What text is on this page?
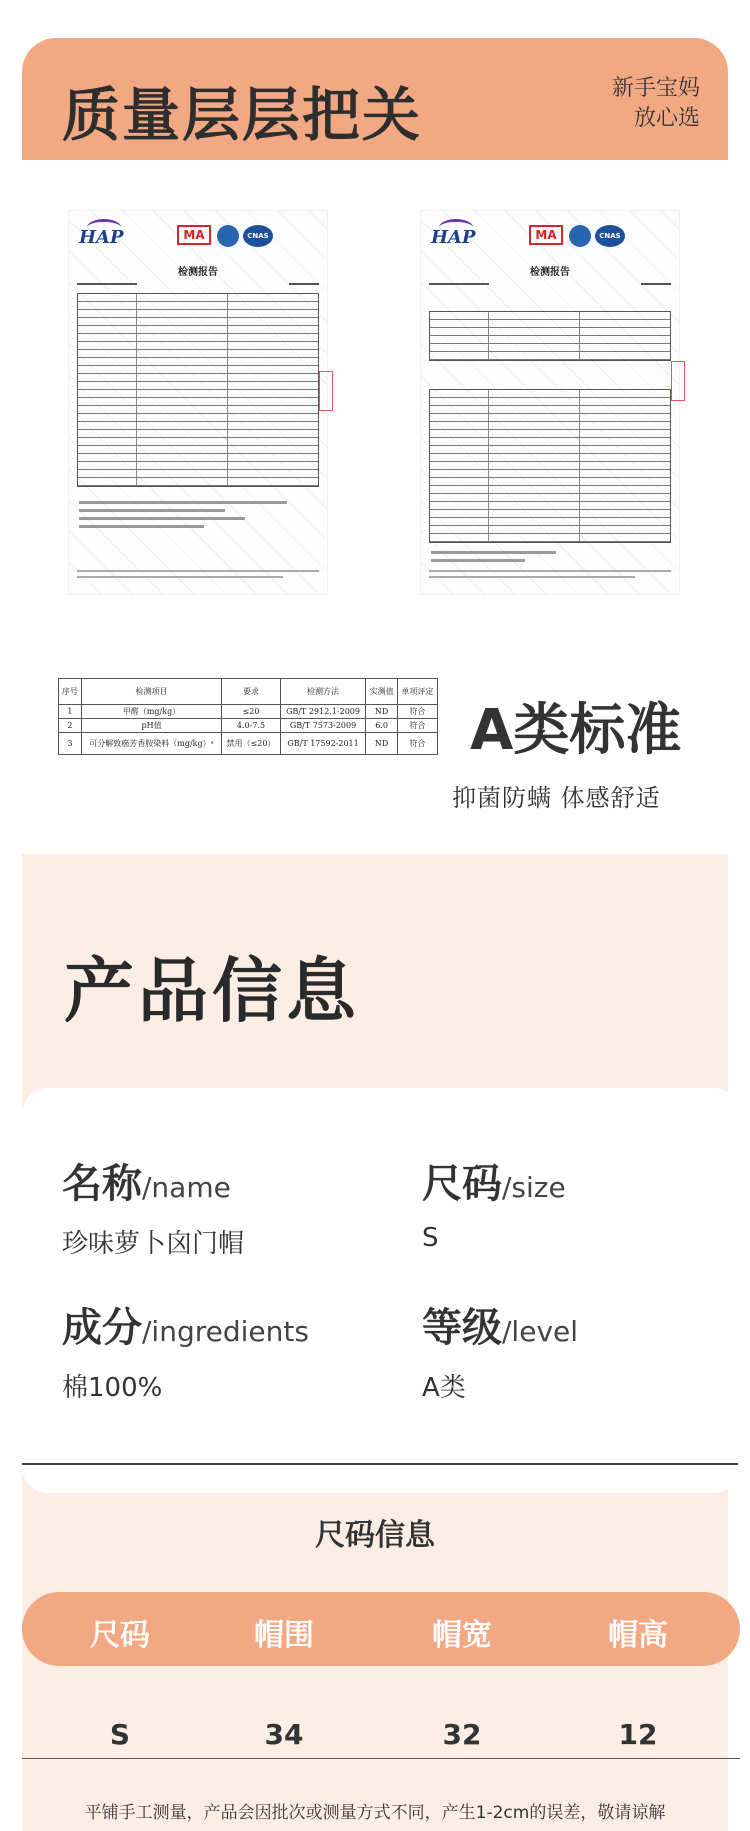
质量层层把关	新手宝妈
放心选
HAP	MA	CNAS
检测报告
HAP	MA	CNAS
检测报告
序号	检测项目	要求	检测方法	实测值	单项评定
1	甲醛（mg/kg）	≤20	GB/T 2912.1-2009	ND	符合
2	pH值	4.0-7.5	GB/T 7573-2009	6.0	符合
3	可分解致癌芳香胺染料（mg/kg）ᵃ	禁用（≤20）	GB/T 17592-2011	ND	符合 A类标准
抑菌防螨 体感舒适
产品信息
名称/name
珍味萝卜囟门帽
尺码/size
S
成分/ingredients
棉100%
等级/level
A类
尺码信息
尺码	帽围	帽宽	帽高
S	34	32	12
平铺手工测量，产品会因批次或测量方式不同，产生1-2cm的误差，敬请谅解
